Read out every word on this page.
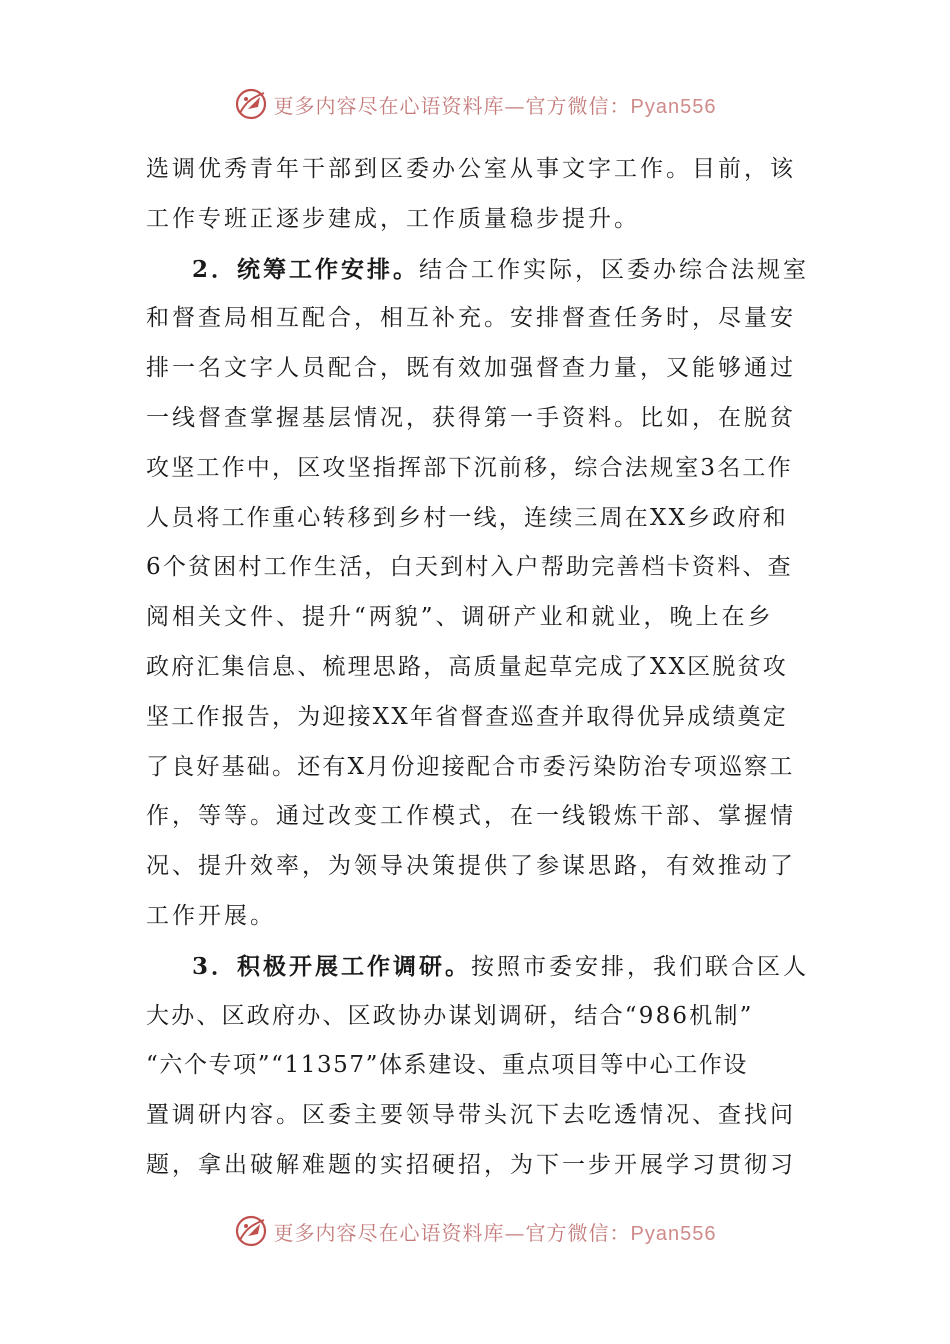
更多内容尽在心语资料库—官方微信：Pyan556
选调优秀青年干部到区委办公室从事文字工作。目前，该
工作专班正逐步建成，工作质量稳步提升。
2．统筹工作安排。结合工作实际，区委办综合法规室
和督查局相互配合，相互补充。安排督查任务时，尽量安
排一名文字人员配合，既有效加强督查力量，又能够通过
一线督查掌握基层情况，获得第一手资料。比如，在脱贫
攻坚工作中，区攻坚指挥部下沉前移，综合法规室3名工作
人员将工作重心转移到乡村一线，连续三周在XX乡政府和
6个贫困村工作生活，白天到村入户帮助完善档卡资料、查
阅相关文件、提升“两貌”、调研产业和就业，晚上在乡
政府汇集信息、梳理思路，高质量起草完成了XX区脱贫攻
坚工作报告，为迎接XX年省督查巡查并取得优异成绩奠定
了良好基础。还有X月份迎接配合市委污染防治专项巡察工
作，等等。通过改变工作模式，在一线锻炼干部、掌握情
况、提升效率，为领导决策提供了参谋思路，有效推动了
工作开展。
3．积极开展工作调研。按照市委安排，我们联合区人
大办、区政府办、区政协办谋划调研，结合“986机制”
“六个专项”“11357”体系建设、重点项目等中心工作设
置调研内容。区委主要领导带头沉下去吃透情况、查找问
题，拿出破解难题的实招硬招，为下一步开展学习贯彻习
更多内容尽在心语资料库—官方微信：Pyan556
